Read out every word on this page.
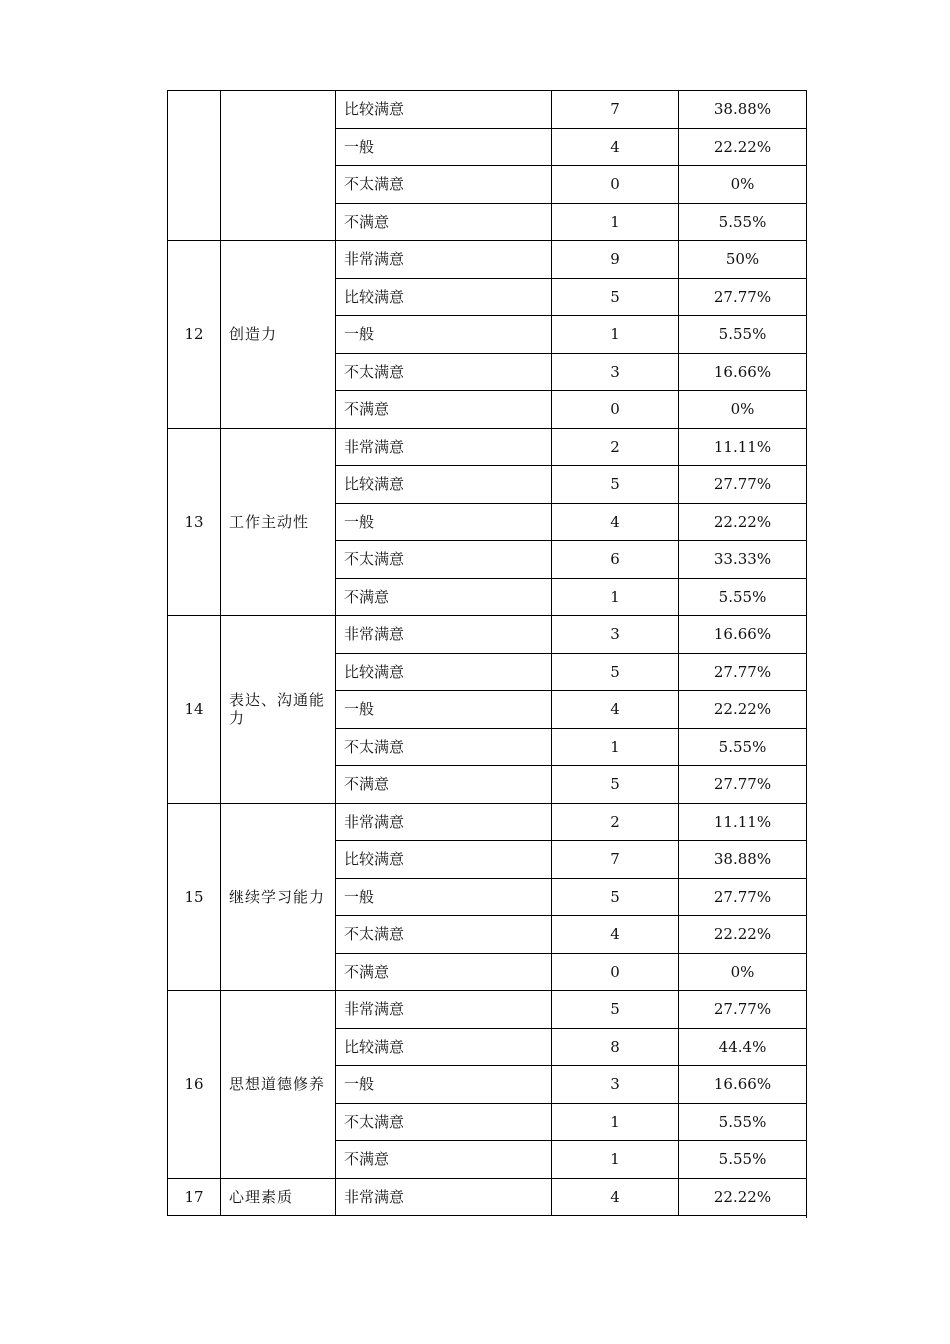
		比较满意	7	38.88%
		一般	4	22.22%
		不太满意	0	0%
		不满意	1	5.55%
12	创造力	非常满意	9	50%
		比较满意	5	27.77%
		一般	1	5.55%
		不太满意	3	16.66%
		不满意	0	0%
13	工作主动性	非常满意	2	11.11%
		比较满意	5	27.77%
		一般	4	22.22%
		不太满意	6	33.33%
		不满意	1	5.55%
14	表达、沟通能力	非常满意	3	16.66%
		比较满意	5	27.77%
		一般	4	22.22%
		不太满意	1	5.55%
		不满意	5	27.77%
15	继续学习能力	非常满意	2	11.11%
		比较满意	7	38.88%
		一般	5	27.77%
		不太满意	4	22.22%
		不满意	0	0%
16	思想道德修养	非常满意	5	27.77%
		比较满意	8	44.4%
		一般	3	16.66%
		不太满意	1	5.55%
		不满意	1	5.55%
17	心理素质	非常满意	4	22.22%
